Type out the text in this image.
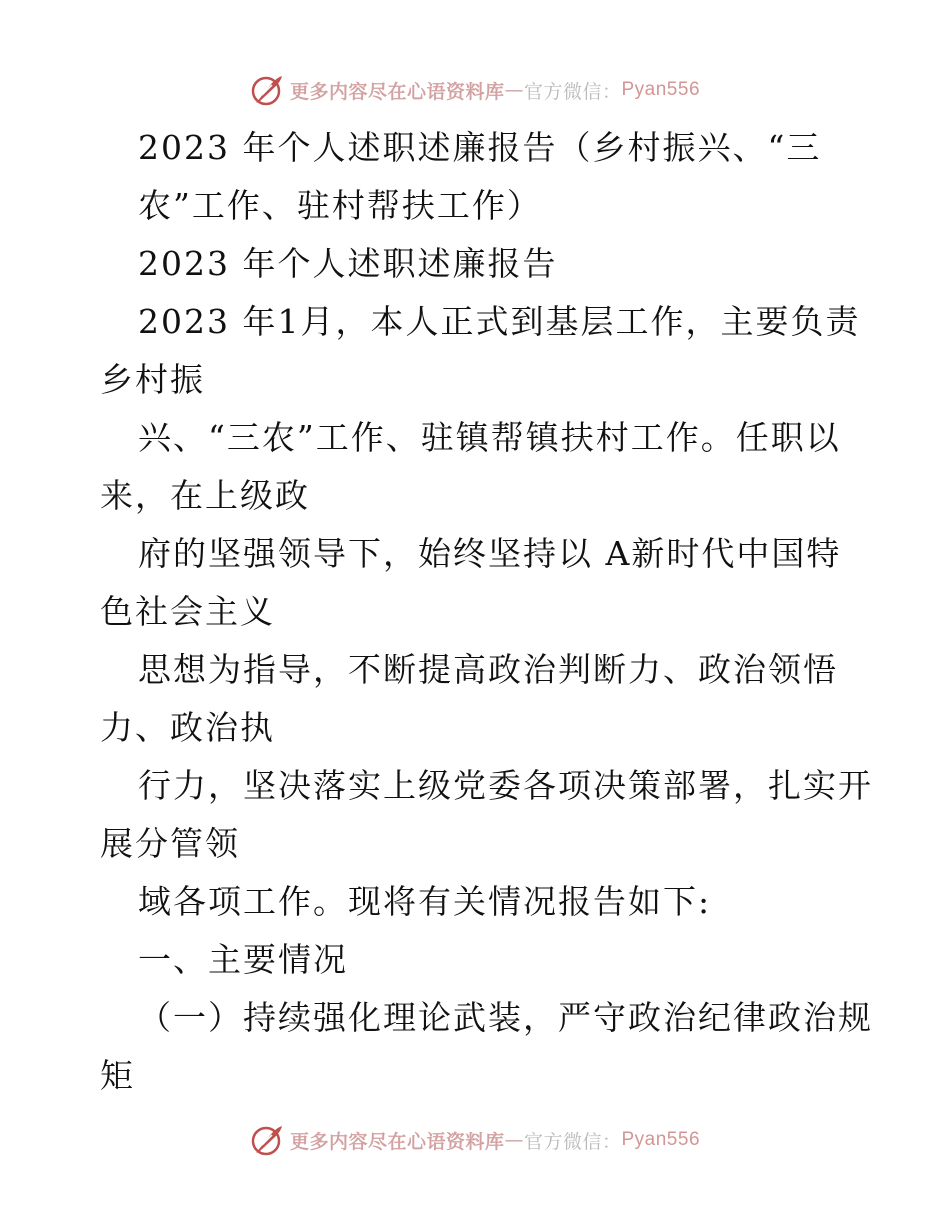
更多内容尽在心语资料库 — 官方微信： Pyan556
2023 年个人述职述廉报告（乡村振兴、“三
农”工作、驻村帮扶工作）
2023 年个人述职述廉报告
2023 年1月，本人正式到基层工作，主要负责
乡村振
兴、“三农”工作、驻镇帮镇扶村工作。任职以
来，在上级政
府的坚强领导下，始终坚持以 A新时代中国特
色社会主义
思想为指导，不断提高政治判断力、政治领悟
力、政治执
行力，坚决落实上级党委各项决策部署，扎实开
展分管领
域各项工作。现将有关情况报告如下:
一、主要情况
（一）持续强化理论武装，严守政治纪律政治规
矩
更多内容尽在心语资料库 — 官方微信： Pyan556
